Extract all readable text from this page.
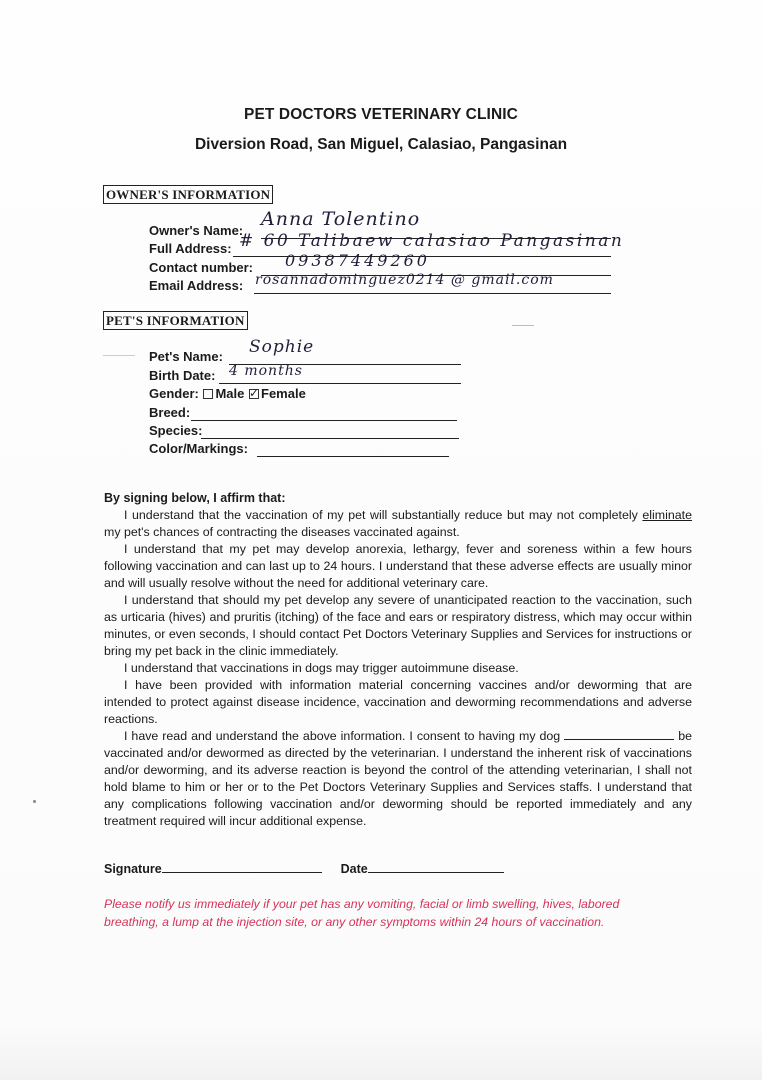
PET DOCTORS VETERINARY CLINIC
Diversion Road, San Miguel, Calasiao, Pangasinan
OWNER'S INFORMATION
Owner's Name:
Anna Tolentino
Full Address: # 60 Talibaew calasiao Pangasinan
Contact number: 09387449260
Email Address: rosannadominguez0214 @ gmail.com
PET'S INFORMATION
Pet's Name: Sophie
Birth Date: 4 months
Gender: Male ✓ Female
Breed:
Species:
Color/Markings:
By signing below, I affirm that:

I understand that the vaccination of my pet will substantially reduce but may not completely eliminate my pet's chances of contracting the diseases vaccinated against.

I understand that my pet may develop anorexia, lethargy, fever and soreness within a few hours following vaccination and can last up to 24 hours. I understand that these adverse effects are usually minor and will usually resolve without the need for additional veterinary care.

I understand that should my pet develop any severe of unanticipated reaction to the vaccination, such as urticaria (hives) and pruritis (itching) of the face and ears or respiratory distress, which may occur within minutes, or even seconds, I should contact Pet Doctors Veterinary Supplies and Services for instructions or bring my pet back in the clinic immediately.

I understand that vaccinations in dogs may trigger autoimmune disease.

I have been provided with information material concerning vaccines and/or deworming that are intended to protect against disease incidence, vaccination and deworming recommendations and adverse reactions.

I have read and understand the above information. I consent to having my dog	be vaccinated and/or dewormed as directed by the veterinarian. I understand the inherent risk of vaccinations and/or deworming, and its adverse reaction is beyond the control of the attending veterinarian, I shall not hold blame to him or her or to the Pet Doctors Veterinary Supplies and Services staffs. I understand that any complications following vaccination and/or deworming should be reported immediately and any treatment required will incur additional expense.

Signature	Date
Please notify us immediately if your pet has any vomiting, facial or limb swelling, hives, labored breathing, a lump at the injection site, or any other symptoms within 24 hours of vaccination.
